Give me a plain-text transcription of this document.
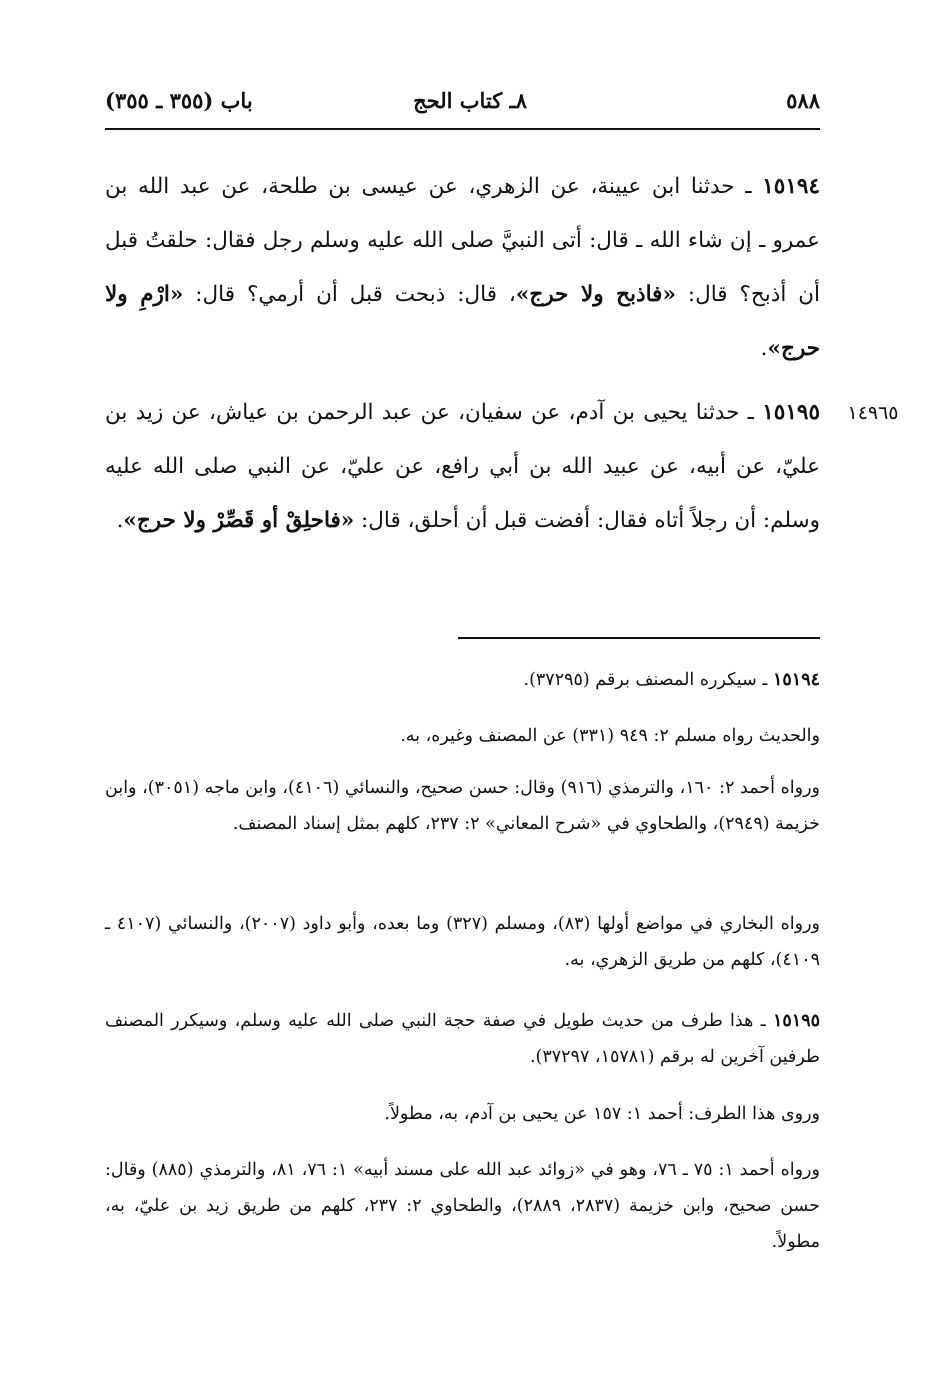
٥٨٨
٨ـ كتاب الحج
باب (٣٥٥ ـ ٣٥٥)
١٥١٩٤ ـ حدثنا ابن عيينة، عن الزهري، عن عيسى بن طلحة، عن عبد الله بن عمرو ـ إن شاء الله ـ قال: أتى النبيَّ صلى الله عليه وسلم رجل فقال: حلقتُ قبل أن أذبح؟ قال: «فاذبح ولا حرج»، قال: ذبحت قبل أن أرمي؟ قال: «ارْمِ ولا حرج».
١٥١٩٥ ـ حدثنا يحيى بن آدم، عن سفيان، عن عبد الرحمن بن عياش، عن زيد بن عليّ، عن أبيه، عن عبيد الله بن أبي رافع، عن عليّ، عن النبي صلى الله عليه وسلم: أن رجلاً أتاه فقال: أفضت قبل أن أحلق، قال: «فاحلِقْ أو قَصِّرْ ولا حرج».
١٥١٩٤ ـ سيكرره المصنف برقم (٣٧٢٩٥).
والحديث رواه مسلم ٢: ٩٤٩ (٣٣١) عن المصنف وغيره، به.
ورواه أحمد ٢: ١٦٠، والترمذي (٩١٦) وقال: حسن صحيح، والنسائي (٤١٠٦)، وابن ماجه (٣٠٥١)، وابن خزيمة (٢٩٤٩)، والطحاوي في «شرح المعاني» ٢: ٢٣٧، كلهم بمثل إسناد المصنف.
ورواه البخاري في مواضع أولها (٨٣)، ومسلم (٣٢٧) وما بعده، وأبو داود (٢٠٠٧)، والنسائي (٤١٠٧ ـ ٤١٠٩)، كلهم من طريق الزهري، به.
١٥١٩٥ ـ هذا طرف من حديث طويل في صفة حجة النبي صلى الله عليه وسلم، وسيكرر المصنف طرفين آخرين له برقم (١٥٧٨١، ٣٧٢٩٧).
وروى هذا الطرف: أحمد ١: ١٥٧ عن يحيى بن آدم، به، مطولاً.
ورواه أحمد ١: ٧٥ ـ ٧٦، وهو في «زوائد عبد الله على مسند أبيه» ١: ٧٦، ٨١، والترمذي (٨٨٥) وقال: حسن صحيح، وابن خزيمة (٢٨٣٧، ٢٨٨٩)، والطحاوي ٢: ٢٣٧، كلهم من طريق زيد بن عليّ، به، مطولاً.
١٤٩٦٥
